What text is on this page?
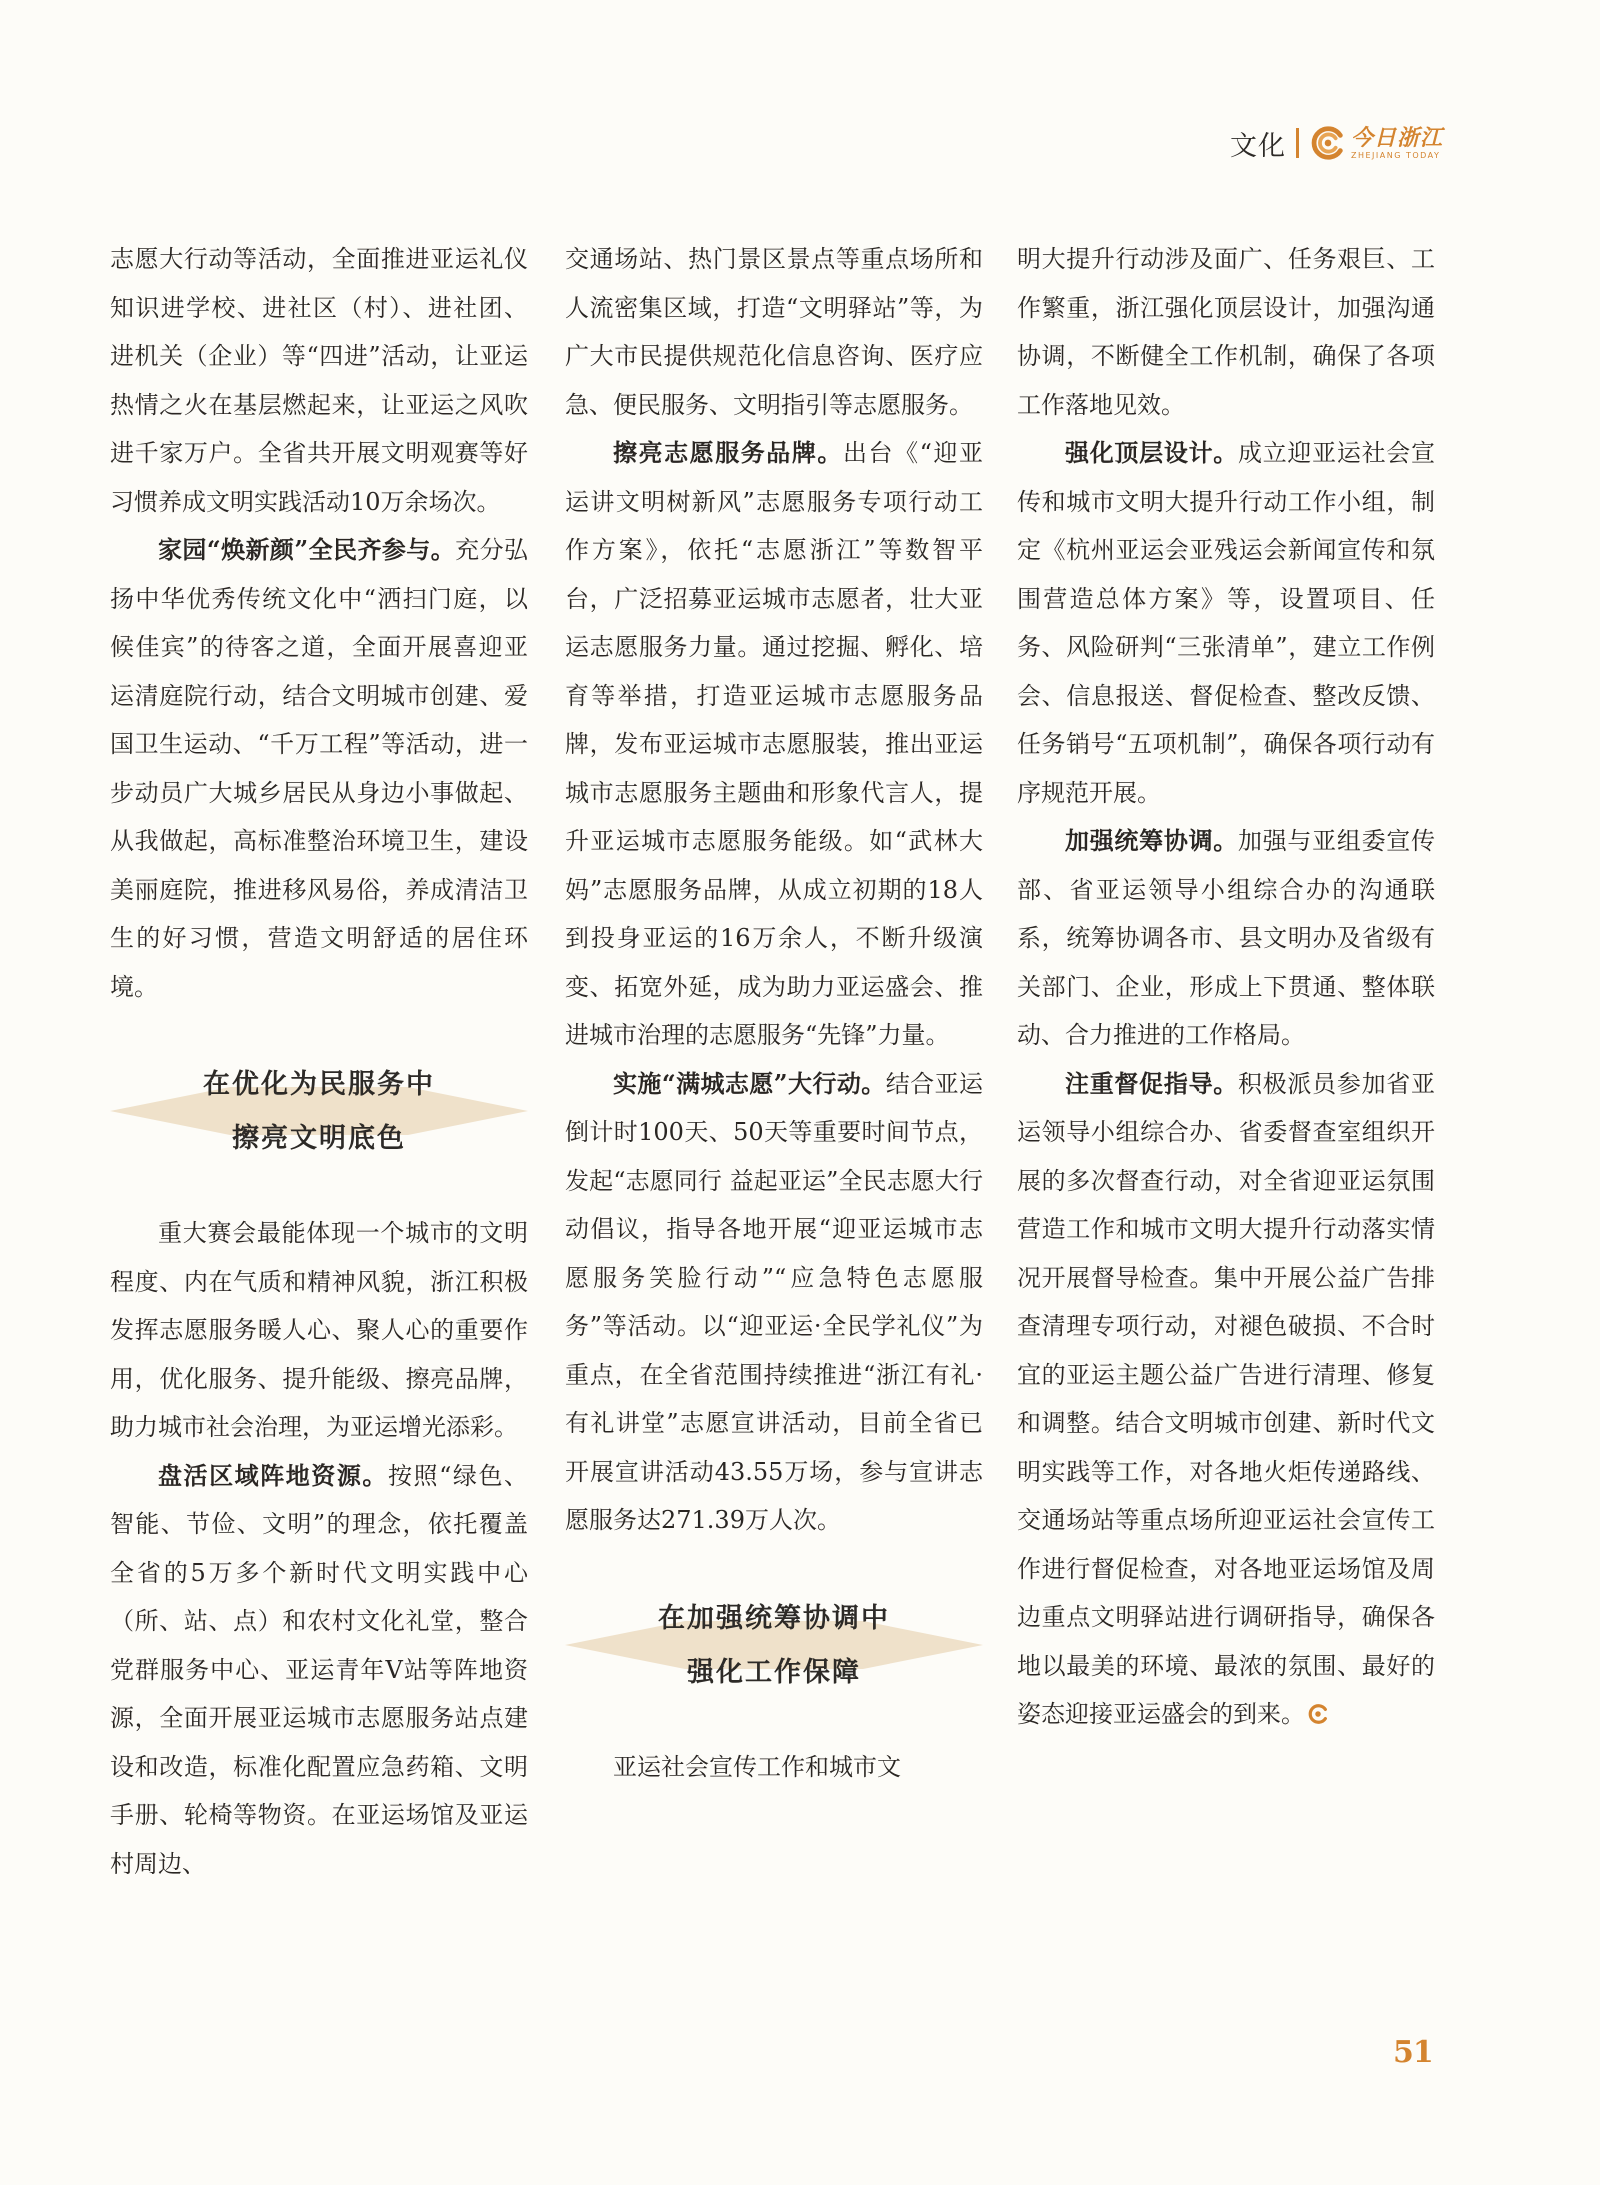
文化	今日浙江
ZHEJIANG TODAY

志愿大行动等活动，全面推进亚运礼仪知识进学校、进社区（村）、进社团、进机关（企业）等“四进”活动，让亚运热情之火在基层燃起来，让亚运之风吹进千家万户。全省共开展文明观赛等好习惯养成文明实践活动10万余场次。

家园“焕新颜”全民齐参与。充分弘扬中华优秀传统文化中“洒扫门庭，以候佳宾”的待客之道，全面开展喜迎亚运清庭院行动，结合文明城市创建、爱国卫生运动、“千万工程”等活动，进一步动员广大城乡居民从身边小事做起、从我做起，高标准整治环境卫生，建设美丽庭院，推进移风易俗，养成清洁卫生的好习惯，营造文明舒适的居住环境。

在优化为民服务中
擦亮文明底色

重大赛会最能体现一个城市的文明程度、内在气质和精神风貌，浙江积极发挥志愿服务暖人心、聚人心的重要作用，优化服务、提升能级、擦亮品牌，助力城市社会治理，为亚运增光添彩。

盘活区域阵地资源。按照“绿色、智能、节俭、文明”的理念，依托覆盖全省的5万多个新时代文明实践中心（所、站、点）和农村文化礼堂，整合党群服务中心、亚运青年V站等阵地资源，全面开展亚运城市志愿服务站点建设和改造，标准化配置应急药箱、文明手册、轮椅等物资。在亚运场馆及亚运村周边、

交通场站、热门景区景点等重点场所和人流密集区域，打造“文明驿站”等，为广大市民提供规范化信息咨询、医疗应急、便民服务、文明指引等志愿服务。

擦亮志愿服务品牌。出台《“迎亚运讲文明树新风”志愿服务专项行动工作方案》，依托“志愿浙江”等数智平台，广泛招募亚运城市志愿者，壮大亚运志愿服务力量。通过挖掘、孵化、培育等举措，打造亚运城市志愿服务品牌，发布亚运城市志愿服装，推出亚运城市志愿服务主题曲和形象代言人，提升亚运城市志愿服务能级。如“武林大妈”志愿服务品牌，从成立初期的18人到投身亚运的16万余人，不断升级演变、拓宽外延，成为助力亚运盛会、推进城市治理的志愿服务“先锋”力量。

实施“满城志愿”大行动。结合亚运倒计时100天、50天等重要时间节点，发起“志愿同行 益起亚运”全民志愿大行动倡议，指导各地开展“迎亚运城市志愿服务笑脸行动”“应急特色志愿服务”等活动。以“迎亚运·全民学礼仪”为重点，在全省范围持续推进“浙江有礼·有礼讲堂”志愿宣讲活动，目前全省已开展宣讲活动43.55万场，参与宣讲志愿服务达271.39万人次。

在加强统筹协调中
强化工作保障

亚运社会宣传工作和城市文

明大提升行动涉及面广、任务艰巨、工作繁重，浙江强化顶层设计，加强沟通协调，不断健全工作机制，确保了各项工作落地见效。

强化顶层设计。成立迎亚运社会宣传和城市文明大提升行动工作小组，制定《杭州亚运会亚残运会新闻宣传和氛围营造总体方案》等，设置项目、任务、风险研判“三张清单”，建立工作例会、信息报送、督促检查、整改反馈、任务销号“五项机制”，确保各项行动有序规范开展。

加强统筹协调。加强与亚组委宣传部、省亚运领导小组综合办的沟通联系，统筹协调各市、县文明办及省级有关部门、企业，形成上下贯通、整体联动、合力推进的工作格局。

注重督促指导。积极派员参加省亚运领导小组综合办、省委督查室组织开展的多次督查行动，对全省迎亚运氛围营造工作和城市文明大提升行动落实情况开展督导检查。集中开展公益广告排查清理专项行动，对褪色破损、不合时宜的亚运主题公益广告进行清理、修复和调整。结合文明城市创建、新时代文明实践等工作，对各地火炬传递路线、交通场站等重点场所迎亚运社会宣传工作进行督促检查，对各地亚运场馆及周边重点文明驿站进行调研指导，确保各地以最美的环境、最浓的氛围、最好的姿态迎接亚运盛会的到来。

51
